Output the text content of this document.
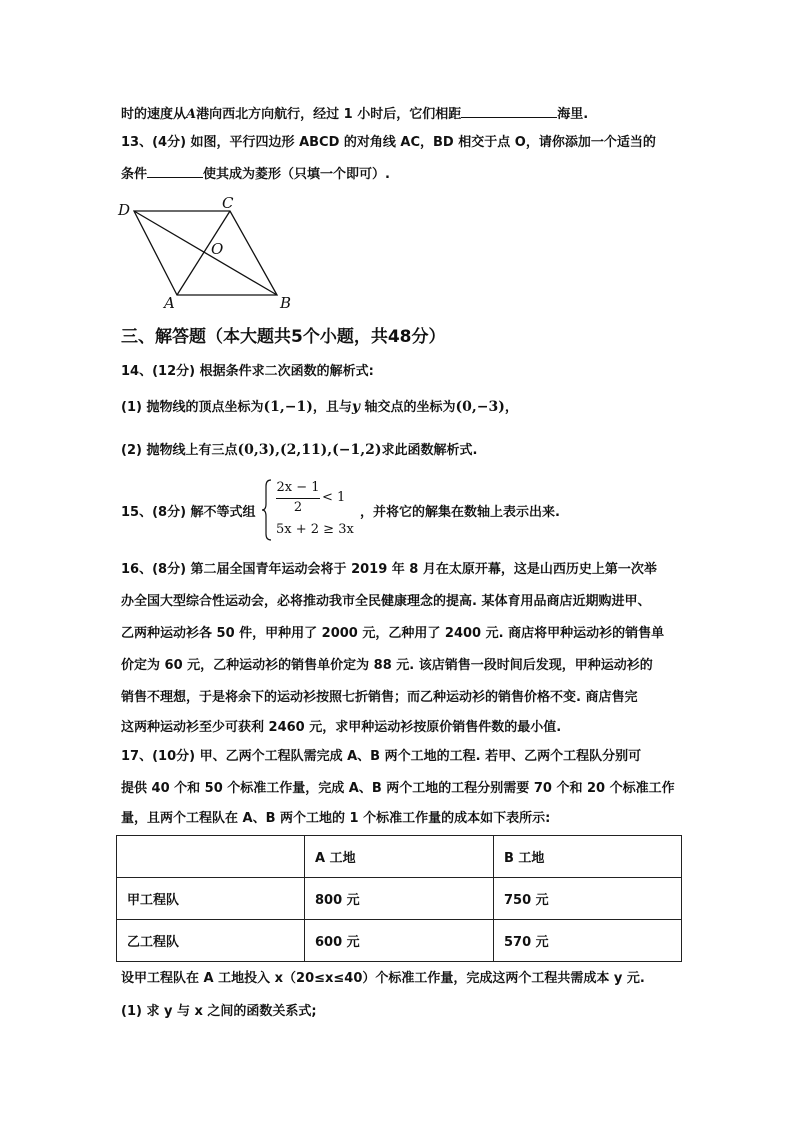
时的速度从A港向西北方向航行，经过 1 小时后，它们相距	海里.
13、(4分) 如图，平行四边形 ABCD 的对角线 AC，BD 相交于点 O，请你添加一个适当的
条件	使其成为菱形（只填一个即可）.
D	C
O
A	B
三、解答题（本大题共5个小题，共48分）
14、(12分) 根据条件求二次函数的解析式:
(1) 抛物线的顶点坐标为(1,−1)，且与y 轴交点的坐标为(0,−3)，
(2) 抛物线上有三点(0,3),(2,11),(−1,2)求此函数解析式.
15、(8分) 解不等式组
2x − 1
2
< 1
5x + 2 ≥ 3x
，并将它的解集在数轴上表示出来.
16、(8分) 第二届全国青年运动会将于 2019 年 8 月在太原开幕，这是山西历史上第一次举
办全国大型综合性运动会，必将推动我市全民健康理念的提高. 某体育用品商店近期购进甲、
乙两种运动衫各 50 件，甲种用了 2000 元，乙种用了 2400 元. 商店将甲种运动衫的销售单
价定为 60 元，乙种运动衫的销售单价定为 88 元. 该店销售一段时间后发现，甲种运动衫的
销售不理想，于是将余下的运动衫按照七折销售；而乙种运动衫的销售价格不变. 商店售完
这两种运动衫至少可获利 2460 元，求甲种运动衫按原价销售件数的最小值.
17、(10分) 甲、乙两个工程队需完成 A、B 两个工地的工程. 若甲、乙两个工程队分别可
提供 40 个和 50 个标准工作量，完成 A、B 两个工地的工程分别需要 70 个和 20 个标准工作
量，且两个工程队在 A、B 两个工地的 1 个标准工作量的成本如下表所示:
	A 工地	B 工地
甲工程队	800 元	750 元
乙工程队	600 元	570 元
设甲工程队在 A 工地投入 x（20≤x≤40）个标准工作量，完成这两个工程共需成本 y 元.
(1) 求 y 与 x 之间的函数关系式;
